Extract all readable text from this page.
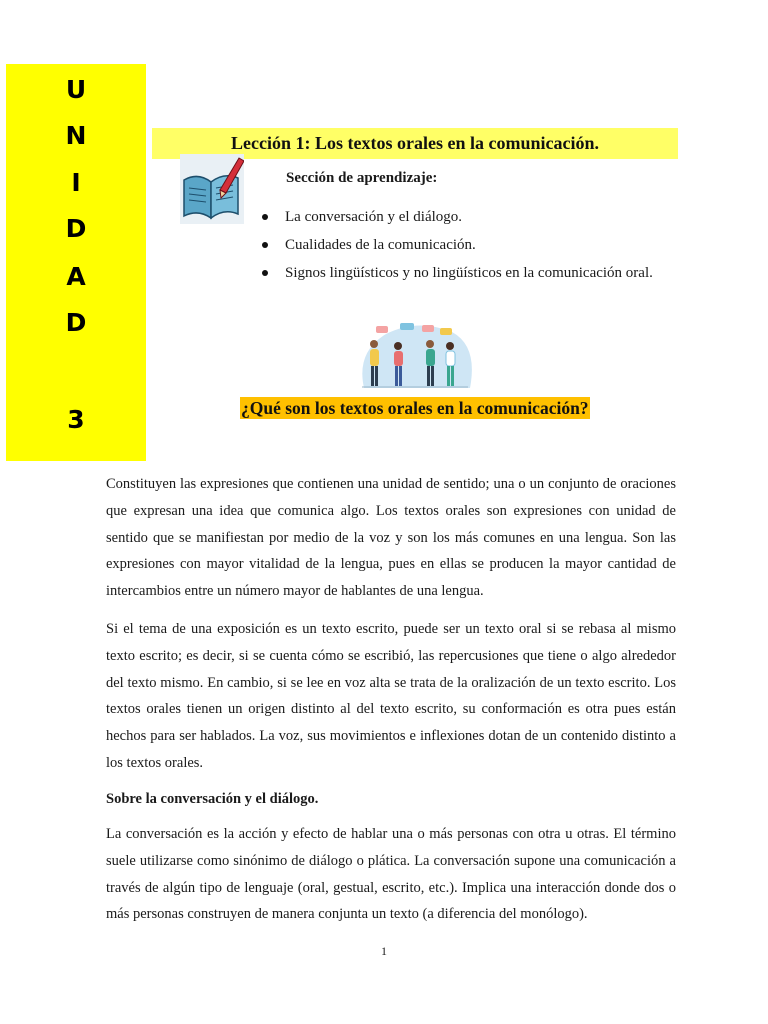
U
N
I
D
A
D
3
Lección 1: Los textos orales en la comunicación.
Sección de aprendizaje:
La conversación y el diálogo.
Cualidades de la comunicación.
Signos lingüísticos y no lingüísticos en la comunicación oral.
¿Qué son los textos orales en la comunicación?

Constituyen las expresiones que contienen una unidad de sentido; una o un conjunto de oraciones que expresan una idea que comunica algo. Los textos orales son expresiones con unidad de sentido que se manifiestan por medio de la voz y son los más comunes en una lengua. Son las expresiones con mayor vitalidad de la lengua, pues en ellas se producen la mayor cantidad de intercambios entre un número mayor de hablantes de una lengua.

Si el tema de una exposición es un texto escrito, puede ser un texto oral si se rebasa al mismo texto escrito; es decir, si se cuenta cómo se escribió, las repercusiones que tiene o algo alrededor del texto mismo. En cambio, si se lee en voz alta se trata de la oralización de un texto escrito. Los textos orales tienen un origen distinto al del texto escrito, su conformación es otra pues están hechos para ser hablados. La voz, sus movimientos e inflexiones dotan de un contenido distinto a los textos orales.

Sobre la conversación y el diálogo.

La conversación es la acción y efecto de hablar una o más personas con otra u otras. El término suele utilizarse como sinónimo de diálogo o plática. La conversación supone una comunicación a través de algún tipo de lenguaje (oral, gestual, escrito, etc.). Implica una interacción donde dos o más personas construyen de manera conjunta un texto (a diferencia del monólogo).

1
